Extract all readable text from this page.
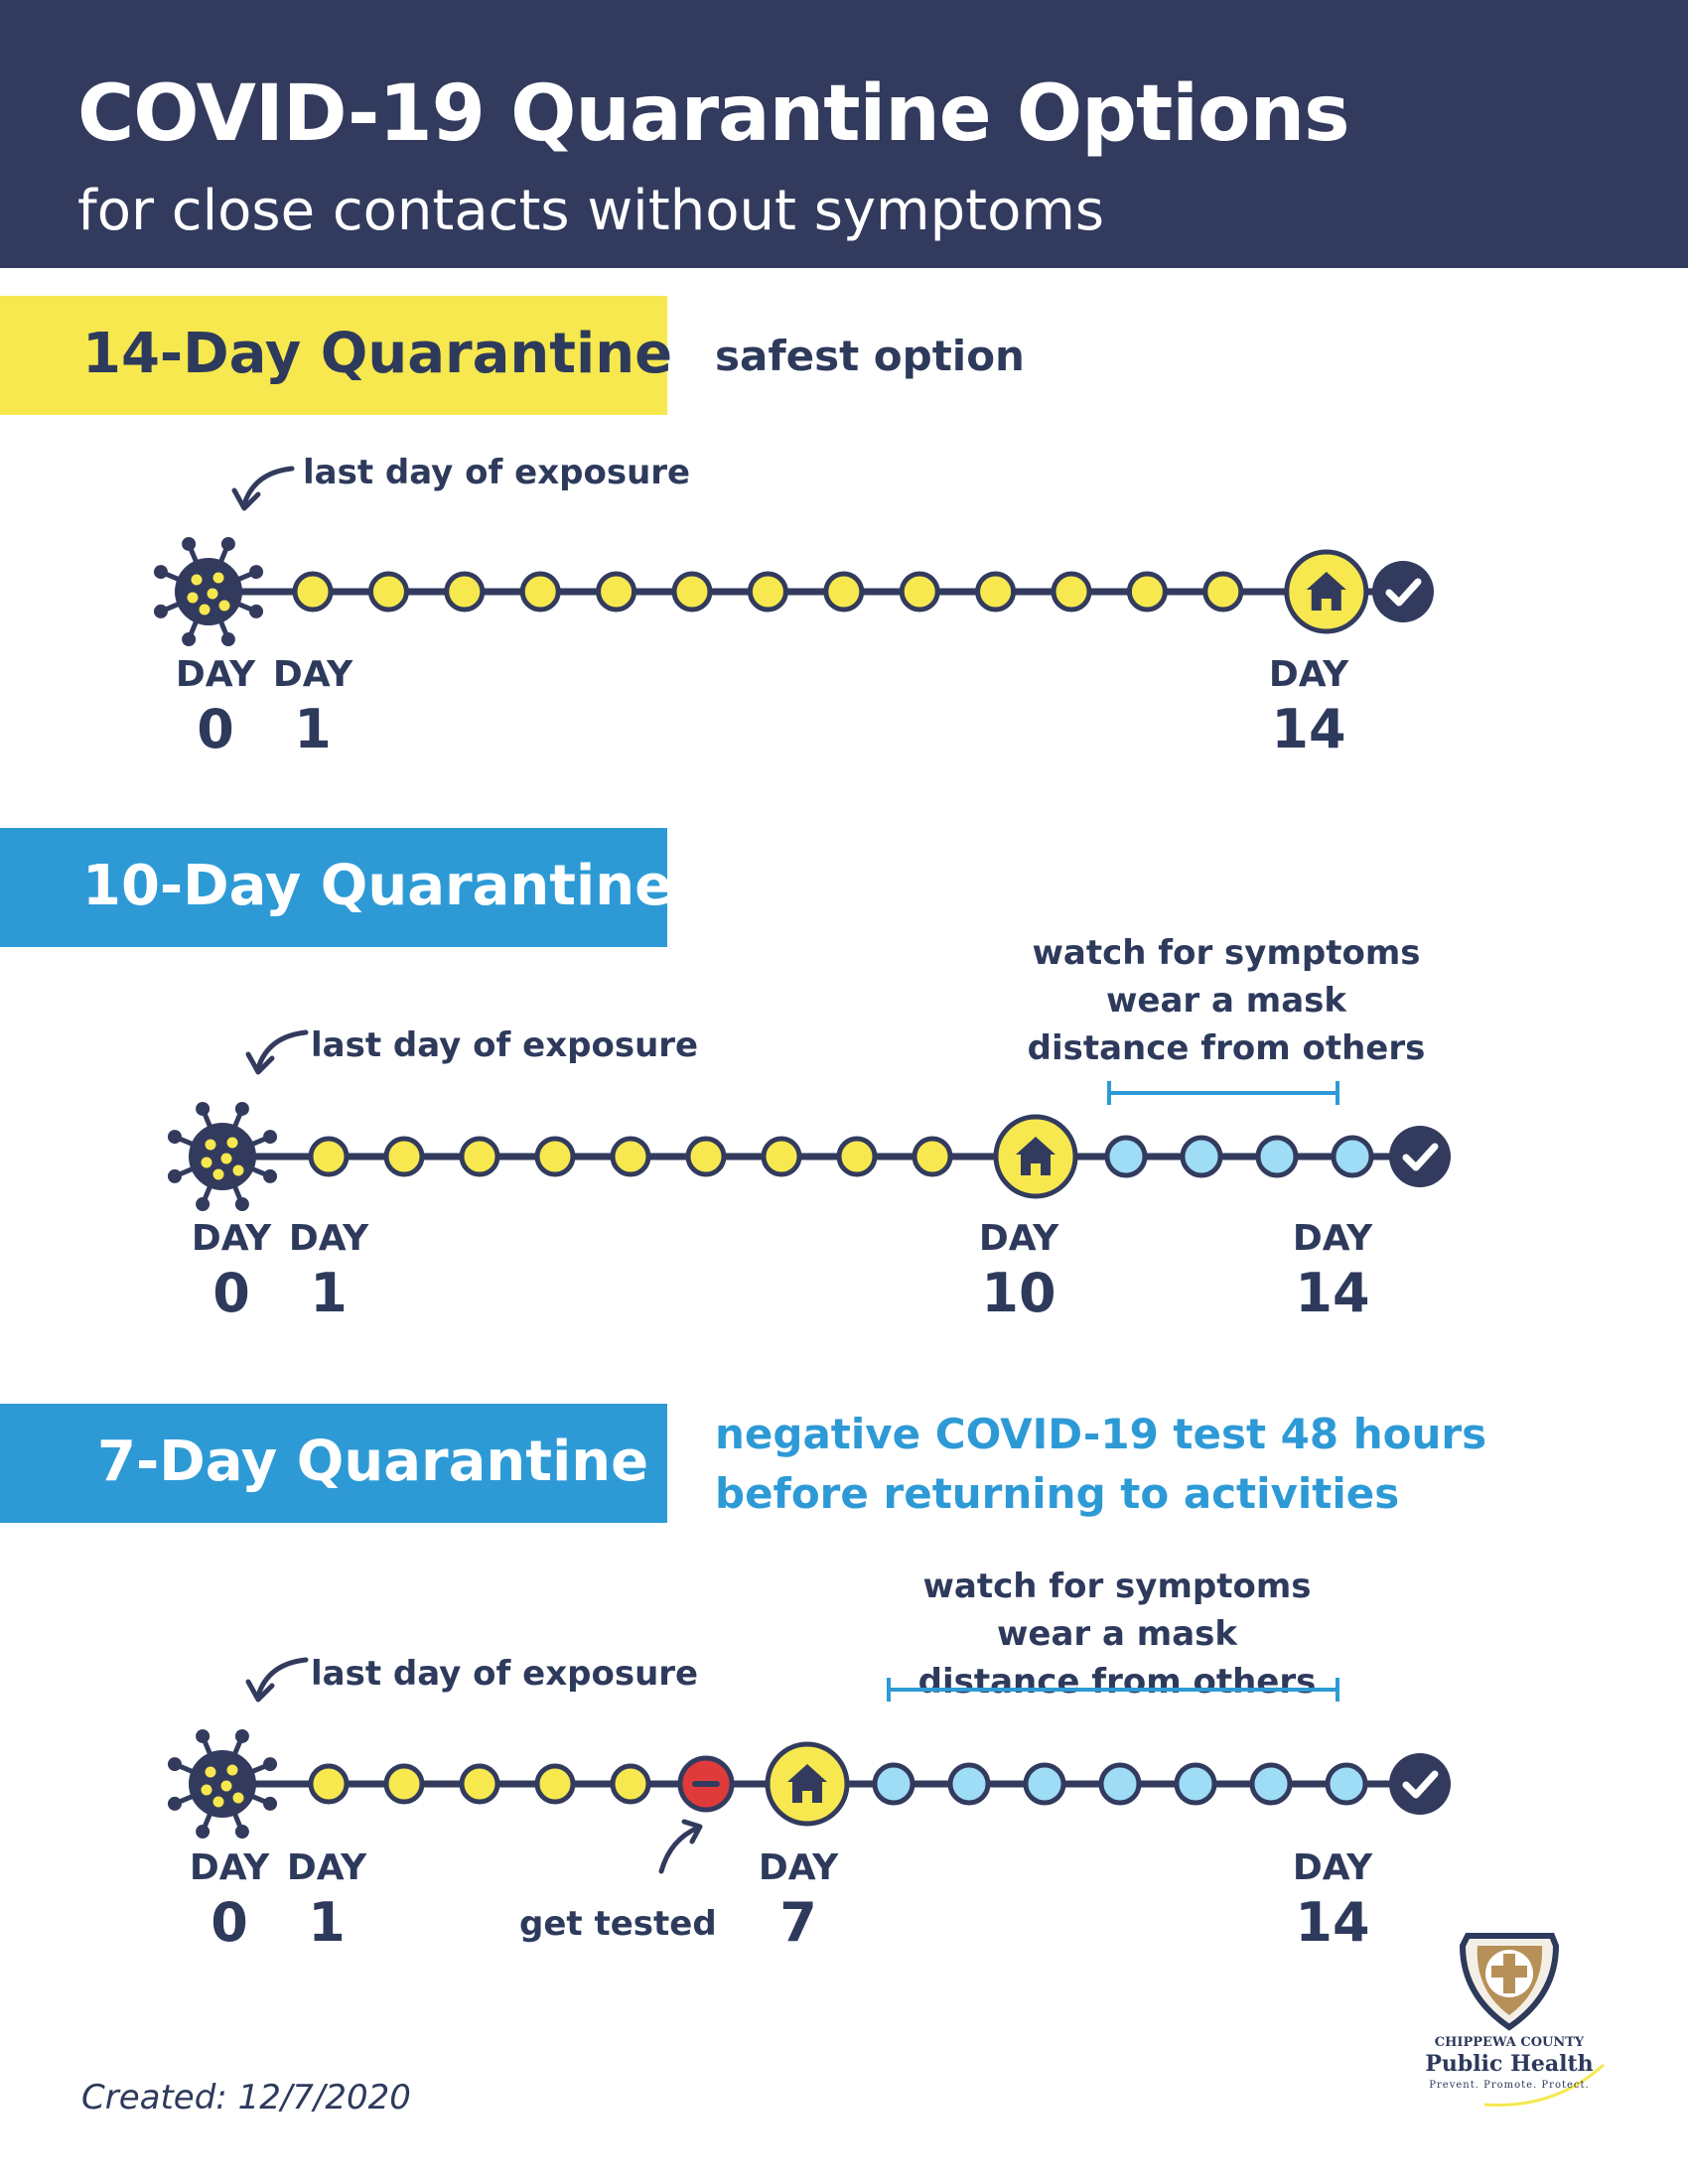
COVID-19 Quarantine Options
for close contacts without symptoms
14-Day Quarantine safest option
last day of exposure
DAY
0
DAY
1
DAY
14
10-Day Quarantine
watch for symptoms
wear a mask
distance from others
last day of exposure
DAY
0
DAY
1
DAY
10
DAY
14
7-Day Quarantine negative COVID-19 test 48 hours
before returning to activities
watch for symptoms
wear a mask
distance from others
last day of exposure
get tested
DAY
0
DAY
1
DAY
7
DAY
14
Created: 12/7/2020
CHIPPEWA COUNTY
Public Health
Prevent. Promote. Protect.
